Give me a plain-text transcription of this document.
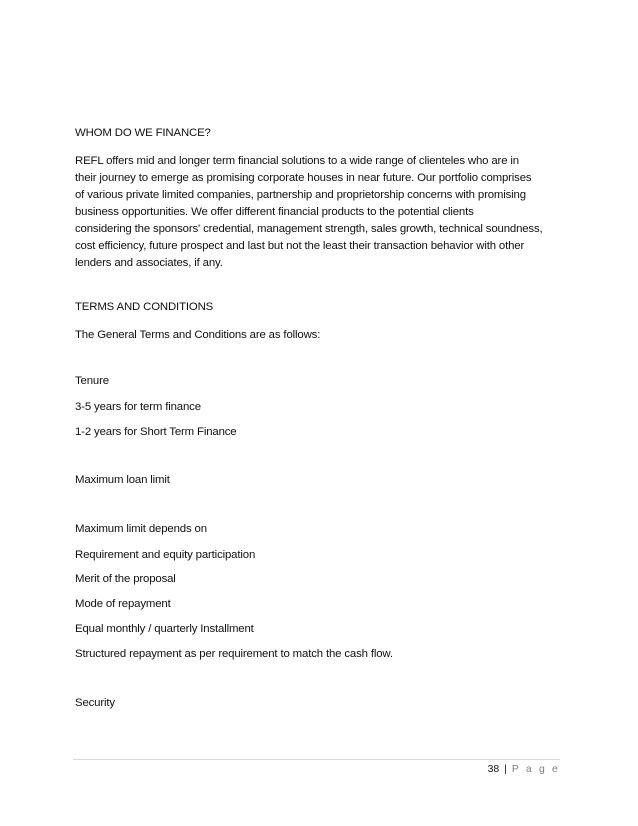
WHOM DO WE FINANCE?
REFL offers mid and longer term financial solutions to a wide range of clienteles who are in
their journey to emerge as promising corporate houses in near future. Our portfolio comprises
of various private limited companies, partnership and proprietorship concerns with promising
business opportunities. We offer different financial products to the potential clients
considering the sponsors' credential, management strength, sales growth, technical soundness,
cost efficiency, future prospect and last but not the least their transaction behavior with other
lenders and associates, if any.
TERMS AND CONDITIONS
The General Terms and Conditions are as follows:
Tenure
3-5 years for term finance
1-2 years for Short Term Finance
Maximum loan limit
Maximum limit depends on
Requirement and equity participation
Merit of the proposal
Mode of repayment
Equal monthly / quarterly Installment
Structured repayment as per requirement to match the cash flow.
Security
38 | P a g e
